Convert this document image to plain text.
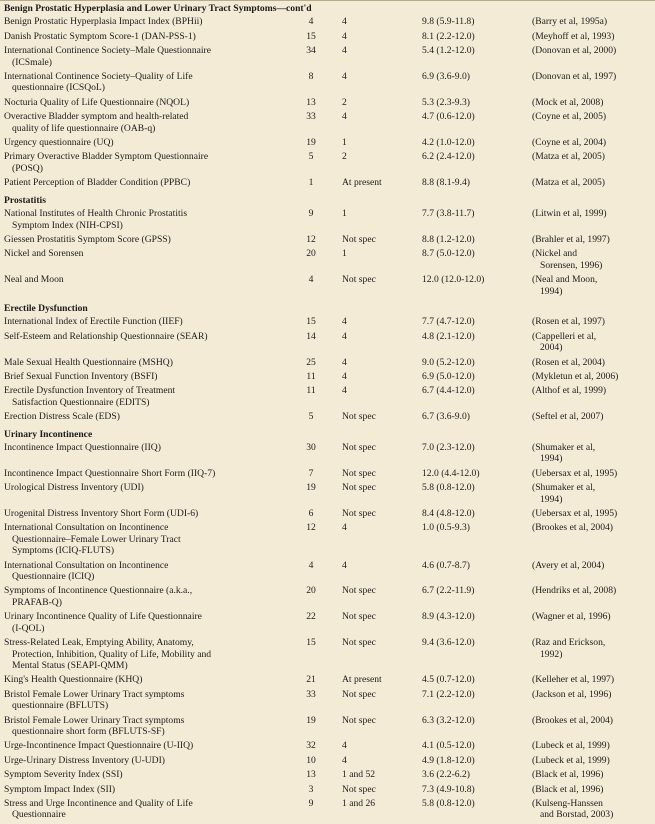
Benign Prostatic Hyperplasia and Lower Urinary Tract Symptoms—cont'd				

Benign Prostatic Hyperplasia Impact Index (BPHii)	4	4	9.8 (5.9-11.8)	(Barry et al, 1995a)

Danish Prostatic Symptom Score-1 (DAN-PSS-1)	15	4	8.1 (2.2-12.0)	(Meyhoff et al, 1993)

International Continence Society–Male Questionnaire
(ICSmale)	34	4	5.4 (1.2-12.0)	(Donovan et al, 2000)

International Continence Society–Quality of Life
questionnaire (ICSQoL)	8	4	6.9 (3.6-9.0)	(Donovan et al, 1997)

Nocturia Quality of Life Questionnaire (NQOL)	13	2	5.3 (2.3-9.3)	(Mock et al, 2008)

Overactive Bladder symptom and health-related
quality of life questionnaire (OAB-q)	33	4	4.7 (0.6-12.0)	(Coyne et al, 2005)

Urgency questionnaire (UQ)	19	1	4.2 (1.0-12.0)	(Coyne et al, 2004)

Primary Overactive Bladder Symptom Questionnaire
(POSQ)	5	2	6.2 (2.4-12.0)	(Matza et al, 2005)

Patient Perception of Bladder Condition (PPBC)	1	At present	8.8 (8.1-9.4)	(Matza et al, 2005)

Prostatitis				

National Institutes of Health Chronic Prostatitis
Symptom Index (NIH-CPSI)	9	1	7.7 (3.8-11.7)	(Litwin et al, 1999)

Giessen Prostatitis Symptom Score (GPSS)	12	Not spec	8.8 (1.2-12.0)	(Brahler et al, 1997)

Nickel and Sorensen	20	1	8.7 (5.0-12.0)	(Nickel and
Sorensen, 1996)

Neal and Moon	4	Not spec	12.0 (12.0-12.0)	(Neal and Moon,
1994)

Erectile Dysfunction				

International Index of Erectile Function (IIEF)	15	4	7.7 (4.7-12.0)	(Rosen et al, 1997)

Self-Esteem and Relationship Questionnaire (SEAR)	14	4	4.8 (2.1-12.0)	(Cappelleri et al,
2004)

Male Sexual Health Questionnaire (MSHQ)	25	4	9.0 (5.2-12.0)	(Rosen et al, 2004)

Brief Sexual Function Inventory (BSFI)	11	4	6.9 (5.0-12.0)	(Mykletun et al, 2006)

Erectile Dysfunction Inventory of Treatment
Satisfaction Questionnaire (EDITS)	11	4	6.7 (4.4-12.0)	(Althof et al, 1999)

Erection Distress Scale (EDS)	5	Not spec	6.7 (3.6-9.0)	(Seftel et al, 2007)

Urinary Incontinence				

Incontinence Impact Questionnaire (IIQ)	30	Not spec	7.0 (2.3-12.0)	(Shumaker et al,
1994)

Incontinence Impact Questionnaire Short Form (IIQ-7)	7	Not spec	12.0 (4.4-12.0)	(Uebersax et al, 1995)

Urological Distress Inventory (UDI)	19	Not spec	5.8 (0.8-12.0)	(Shumaker et al,
1994)

Urogenital Distress Inventory Short Form (UDI-6)	6	Not spec	8.4 (4.8-12.0)	(Uebersax et al, 1995)

International Consultation on Incontinence
Questionnaire–Female Lower Urinary Tract
Symptoms (ICIQ-FLUTS)	12	4	1.0 (0.5-9.3)	(Brookes et al, 2004)

International Consultation on Incontinence
Questionnaire (ICIQ)	4	4	4.6 (0.7-8.7)	(Avery et al, 2004)

Symptoms of Incontinence Questionnaire (a.k.a.,
PRAFAB-Q)	20	Not spec	6.7 (2.2-11.9)	(Hendriks et al, 2008)

Urinary Incontinence Quality of Life Questionnaire
(I-QOL)	22	Not spec	8.9 (4.3-12.0)	(Wagner et al, 1996)

Stress-Related Leak, Emptying Ability, Anatomy,
Protection, Inhibition, Quality of Life, Mobility and
Mental Status (SEAPI-QMM)	15	Not spec	9.4 (3.6-12.0)	(Raz and Erickson,
1992)

King's Health Questionnaire (KHQ)	21	At present	4.5 (0.7-12.0)	(Kelleher et al, 1997)

Bristol Female Lower Urinary Tract symptoms
questionnaire (BFLUTS)	33	Not spec	7.1 (2.2-12.0)	(Jackson et al, 1996)

Bristol Female Lower Urinary Tract symptoms
questionnaire short form (BFLUTS-SF)	19	Not spec	6.3 (3.2-12.0)	(Brookes et al, 2004)

Urge-Incontinence Impact Questionnaire (U-IIQ)	32	4	4.1 (0.5-12.0)	(Lubeck et al, 1999)

Urge-Urinary Distress Inventory (U-UDI)	10	4	4.9 (1.8-12.0)	(Lubeck et al, 1999)

Symptom Severity Index (SSI)	13	1 and 52	3.6 (2.2-6.2)	(Black et al, 1996)

Symptom Impact Index (SII)	3	Not spec	7.3 (4.9-10.8)	(Black et al, 1996)

Stress and Urge Incontinence and Quality of Life
Questionnaire	9	1 and 26	5.8 (0.8-12.0)	(Kulseng-Hanssen
and Borstad, 2003)
